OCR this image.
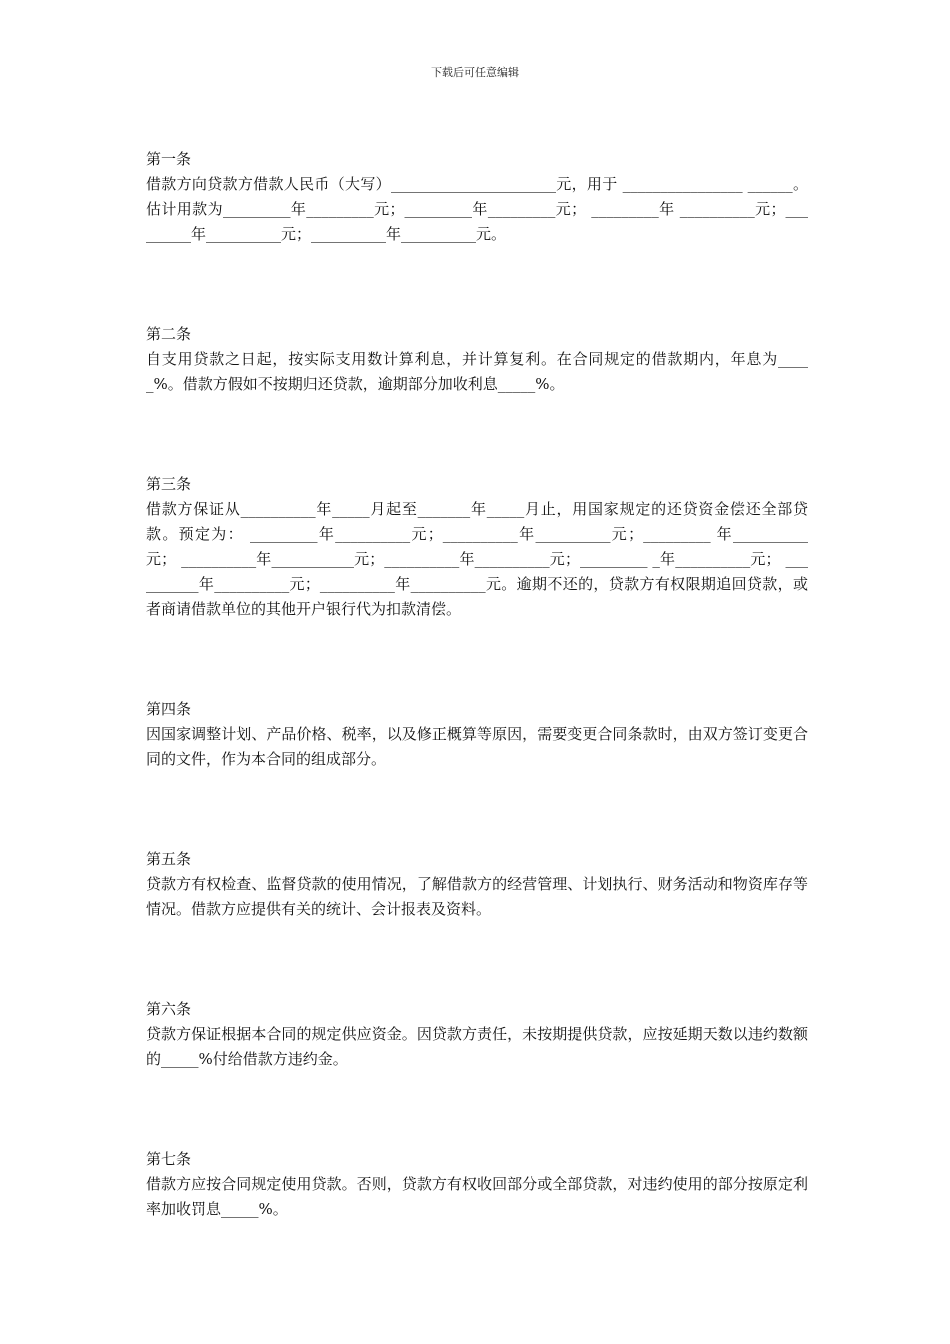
下载后可任意编辑
第一条

借款方向贷款方借款人民币（大写）______________________元，用于 ________________ ______。估计用款为_________年_________元；_________年_________元； _________年 __________元；_________年__________元；__________年__________元。

第二条

自支用贷款之日起，按实际支用数计算利息，并计算复利。在合同规定的借款期内，年息为_____%。借款方假如不按期归还贷款，逾期部分加收利息_____%。

第三条

借款方保证从__________年_____月起至_______年_____月止，用国家规定的还贷资金偿还全部贷款。预定为： _________年__________元；__________年__________元；_________ 年__________元； __________年___________元；__________年__________元；_________ _年__________元； __________年__________元；__________年__________元。逾期不还的，贷款方有权限期追回贷款，或者商请借款单位的其他开户银行代为扣款清偿。

第四条

因国家调整计划、产品价格、税率，以及修正概算等原因，需要变更合同条款时，由双方签订变更合同的文件，作为本合同的组成部分。

第五条

贷款方有权检查、监督贷款的使用情况，了解借款方的经营管理、计划执行、财务活动和物资库存等情况。借款方应提供有关的统计、会计报表及资料。

第六条

贷款方保证根据本合同的规定供应资金。因贷款方责任，未按期提供贷款，应按延期天数以违约数额的_____%付给借款方违约金。

第七条

借款方应按合同规定使用贷款。否则，贷款方有权收回部分或全部贷款，对违约使用的部分按原定利率加收罚息_____%。
